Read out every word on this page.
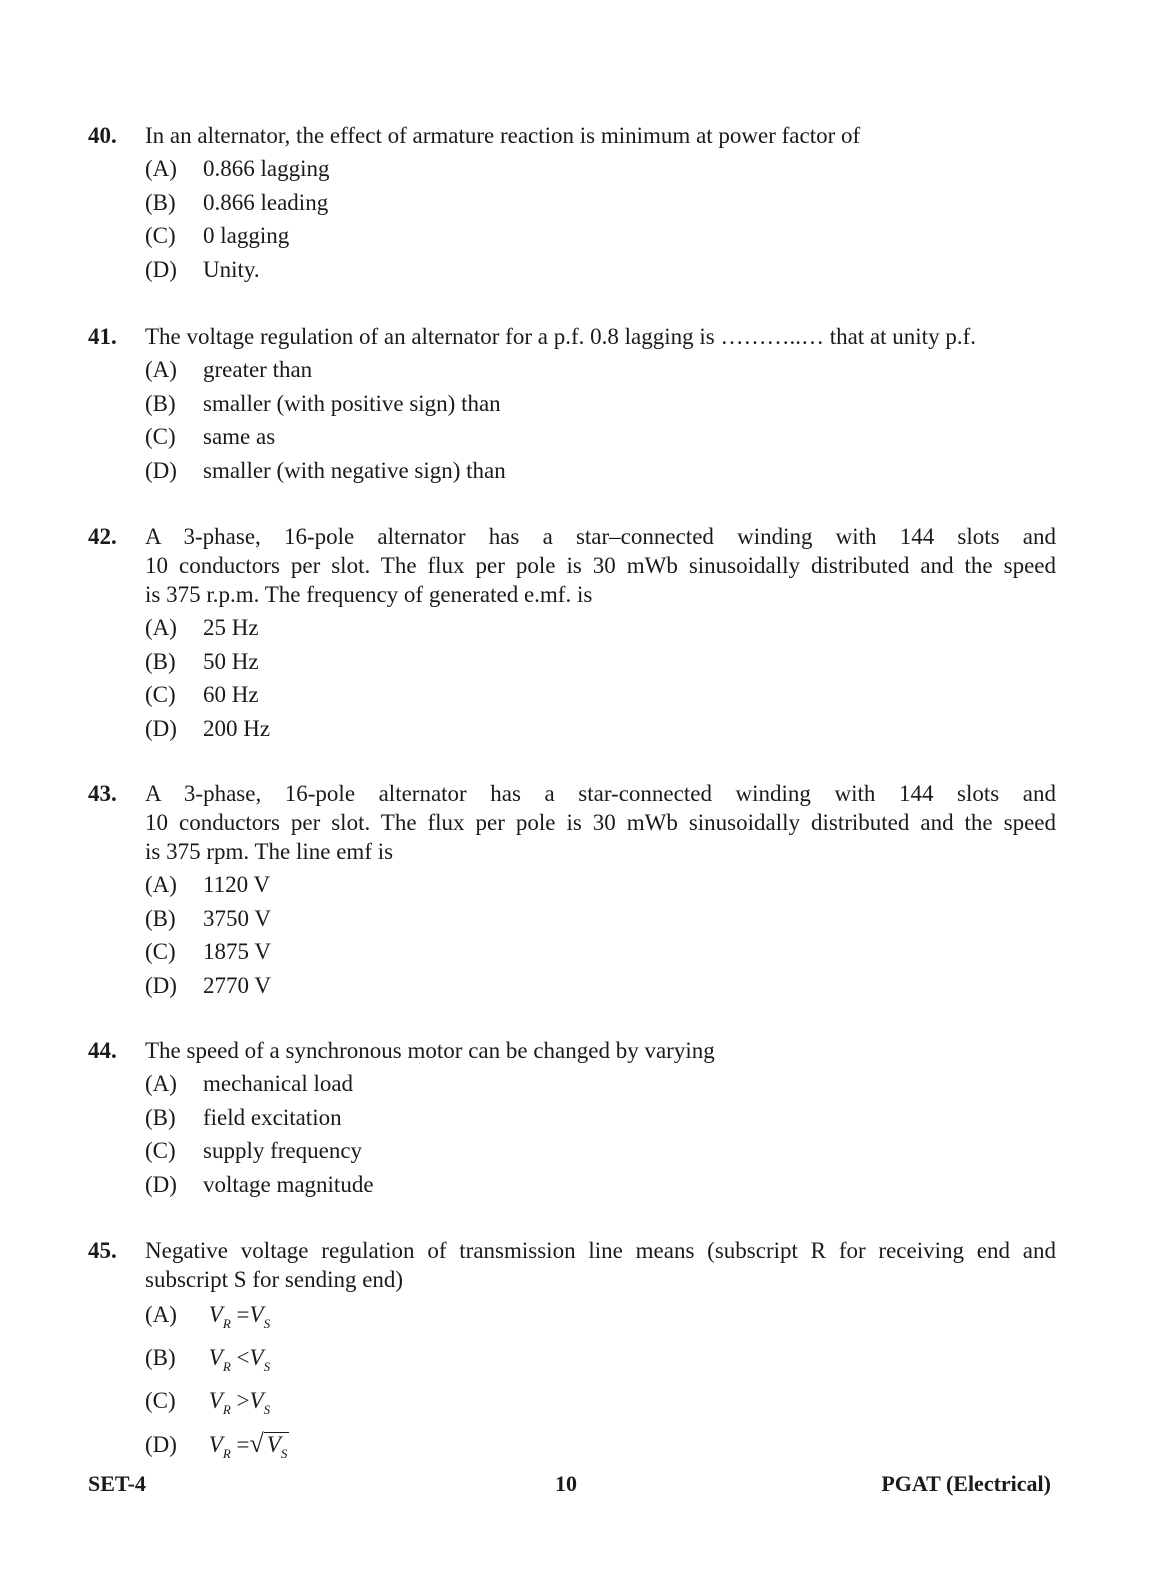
40. In an alternator, the effect of armature reaction is minimum at power factor of
(A) 0.866 lagging
(B) 0.866 leading
(C) 0 lagging
(D) Unity.
41. The voltage regulation of an alternator for a p.f. 0.8 lagging is ………..… that at unity p.f.
(A) greater than
(B) smaller (with positive sign) than
(C) same as
(D) smaller (with negative sign) than
42. A 3-phase, 16-pole alternator has a star–connected winding with 144 slots and
10 conductors per slot. The flux per pole is 30 mWb sinusoidally distributed and the speed
is 375 r.p.m. The frequency of generated e.mf. is
(A) 25 Hz
(B) 50 Hz
(C) 60 Hz
(D) 200 Hz
43. A 3-phase, 16-pole alternator has a star-connected winding with 144 slots and
10 conductors per slot. The flux per pole is 30 mWb sinusoidally distributed and the speed
is 375 rpm. The line emf is
(A) 1120 V
(B) 3750 V
(C) 1875 V
(D) 2770 V
44. The speed of a synchronous motor can be changed by varying
(A) mechanical load
(B) field excitation
(C) supply frequency
(D) voltage magnitude
45. Negative voltage regulation of transmission line means (subscript R for receiving end and
subscript S for sending end)
(A) $V_R =V_S$
(B) $V_R <V_S$
(C) $V_R >V_S$
(D) $V_R$ =√ $V_S$
SET-4	10	PGAT (Electrical)
